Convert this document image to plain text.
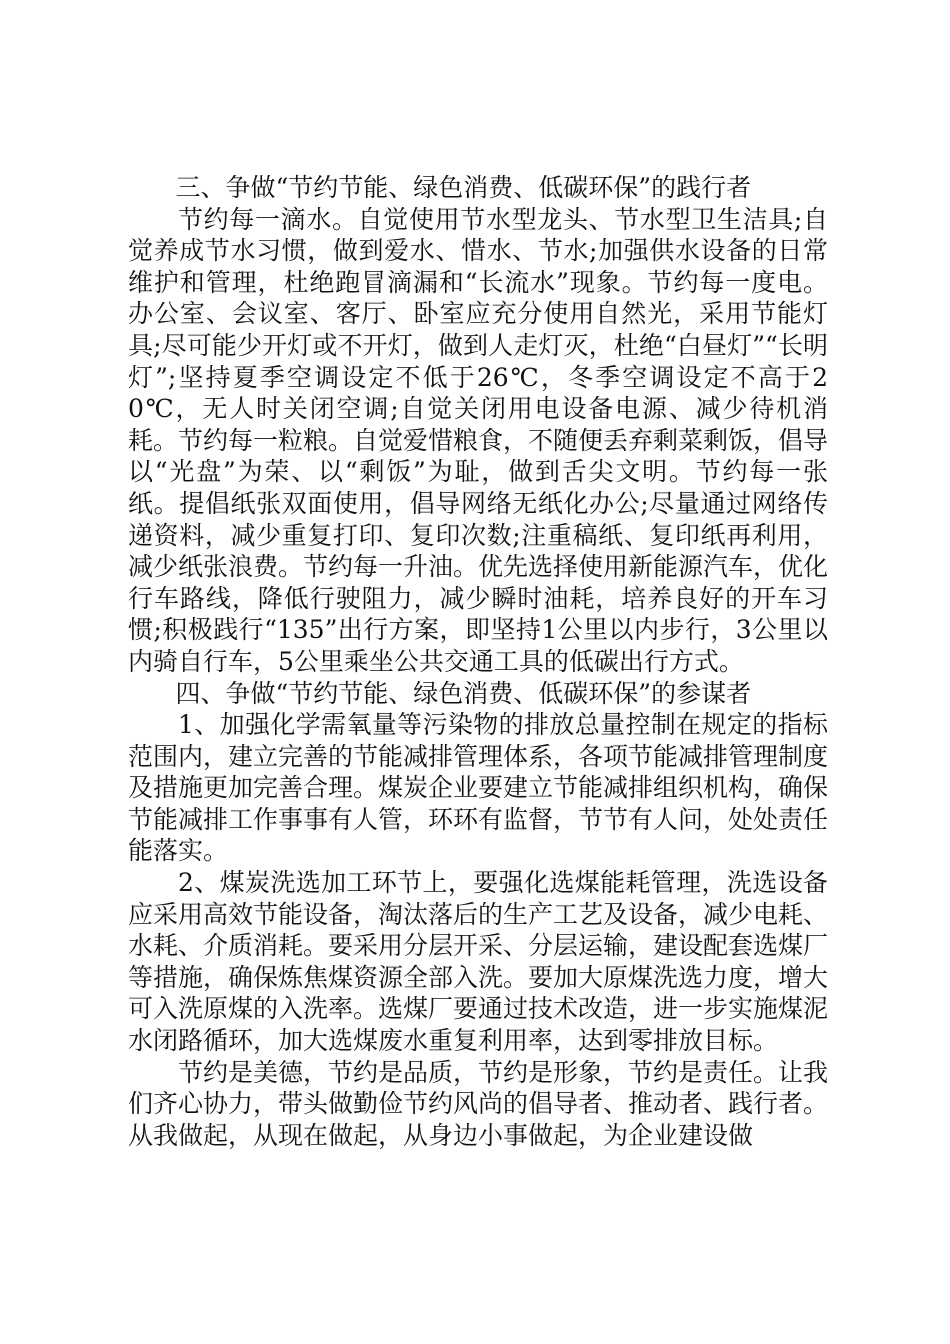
三、争做“节约节能、绿色消费、低碳环保”的践行者

节约每一滴水。自觉使用节水型龙头、节水型卫生洁具;自觉养成节水习惯，做到爱水、惜水、节水;加强供水设备的日常维护和管理，杜绝跑冒滴漏和“长流水”现象。节约每一度电。办公室、会议室、客厅、卧室应充分使用自然光，采用节能灯具;尽可能少开灯或不开灯，做到人走灯灭，杜绝“白昼灯”“长明灯”;坚持夏季空调设定不低于26℃，冬季空调设定不高于20℃，无人时关闭空调;自觉关闭用电设备电源、减少待机消耗。节约每一粒粮。自觉爱惜粮食，不随便丢弃剩菜剩饭，倡导以“光盘”为荣、以“剩饭”为耻，做到舌尖文明。节约每一张纸。提倡纸张双面使用，倡导网络无纸化办公;尽量通过网络传递资料，减少重复打印、复印次数;注重稿纸、复印纸再利用，减少纸张浪费。节约每一升油。优先选择使用新能源汽车，优化行车路线，降低行驶阻力，减少瞬时油耗，培养良好的开车习惯;积极践行“135”出行方案，即坚持1公里以内步行，3公里以内骑自行车，5公里乘坐公共交通工具的低碳出行方式。

四、争做“节约节能、绿色消费、低碳环保”的参谋者

1、加强化学需氧量等污染物的排放总量控制在规定的指标范围内，建立完善的节能减排管理体系，各项节能减排管理制度及措施更加完善合理。煤炭企业要建立节能减排组织机构，确保节能减排工作事事有人管，环环有监督，节节有人问，处处责任能落实。

2、煤炭洗选加工环节上，要强化选煤能耗管理，洗选设备应采用高效节能设备，淘汰落后的生产工艺及设备，减少电耗、水耗、介质消耗。要采用分层开采、分层运输，建设配套选煤厂等措施，确保炼焦煤资源全部入洗。要加大原煤洗选力度，增大可入洗原煤的入洗率。选煤厂要通过技术改造，进一步实施煤泥水闭路循环，加大选煤废水重复利用率，达到零排放目标。

节约是美德，节约是品质，节约是形象，节约是责任。让我们齐心协力，带头做勤俭节约风尚的倡导者、推动者、践行者。从我做起，从现在做起，从身边小事做起，为企业建设做
